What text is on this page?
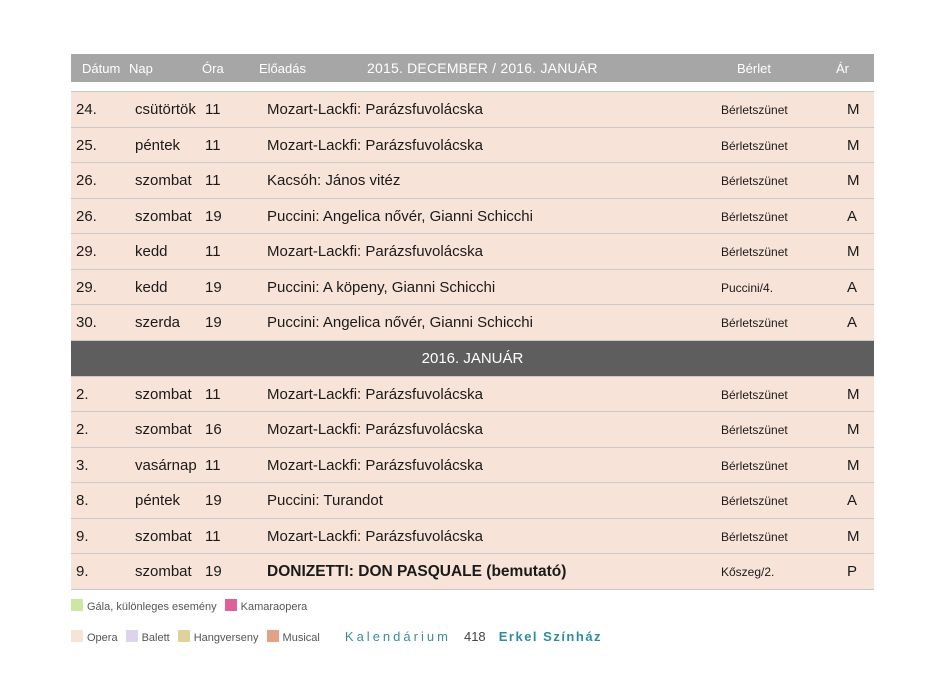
Dátum Nap	Óra	Előadás	2015. DECEMBER / 2016. JANUÁR	Bérlet	Ár
24.	csütörtök 11	Mozart-Lackfi: Parázsfuvolácska	Bérletszünet	M
25.	péntek 11	Mozart-Lackfi: Parázsfuvolácska	Bérletszünet	M
26.	szombat 11	Kacsóh: János vitéz	Bérletszünet	M
26.	szombat 19	Puccini: Angelica nővér, Gianni Schicchi	Bérletszünet	A
29.	kedd 11	Mozart-Lackfi: Parázsfuvolácska	Bérletszünet	M
29.	kedd 19	Puccini: A köpeny, Gianni Schicchi	Puccini/4.	A
30.	szerda 19	Puccini: Angelica nővér, Gianni Schicchi	Bérletszünet	A
2016. JANUÁR
2.	szombat 11	Mozart-Lackfi: Parázsfuvolácska	Bérletszünet	M
2.	szombat 16	Mozart-Lackfi: Parázsfuvolácska	Bérletszünet	M
3.	vasárnap 11	Mozart-Lackfi: Parázsfuvolácska	Bérletszünet	M
8.	péntek 19	Puccini: Turandot	Bérletszünet	A
9.	szombat 11	Mozart-Lackfi: Parázsfuvolácska	Bérletszünet	M
9.	szombat 19	DONIZETTI: DON PASQUALE (bemutató)	Kőszeg/2.	P
Gála, különleges esemény Kamaraopera
Opera Balett Hangverseny Musical Kalendárium 418 Erkel Színház
